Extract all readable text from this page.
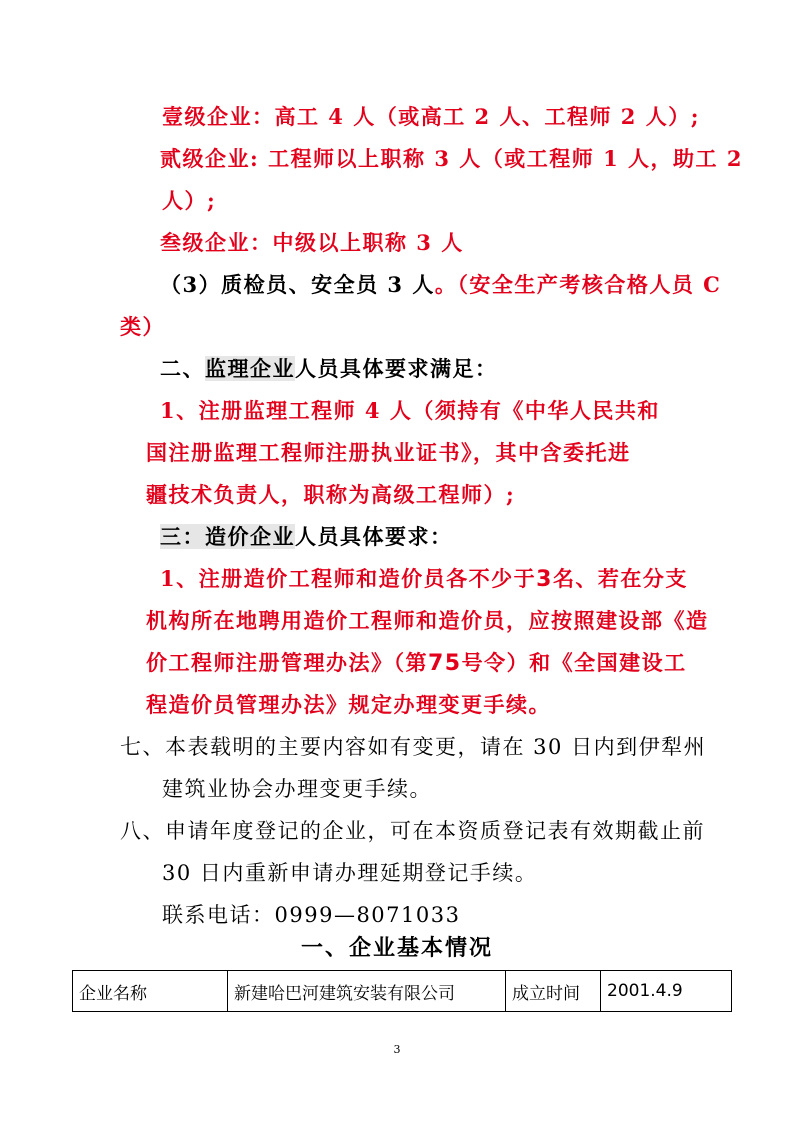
壹级企业：高工 4 人（或高工 2 人、工程师 2 人）;
贰级企业: 工程师以上职称 3 人（或工程师 1 人，助工 2
人）;
叁级企业：中级以上职称 3 人
（3）质检员、安全员 3 人。（安全生产考核合格人员 C
类）
二、监理企业人员具体要求满足：
1、注册监理工程师 4 人（须持有《中华人民共和
国注册监理工程师注册执业证书》，其中含委托进
疆技术负责人，职称为高级工程师）;
三：造价企业人员具体要求：
1、注册造价工程师和造价员各不少于3名、若在分支
机构所在地聘用造价工程师和造价员，应按照建设部《造
价工程师注册管理办法》（第75号令）和《全国建设工
程造价员管理办法》规定办理变更手续。
七、本表载明的主要内容如有变更，请在 30 日内到伊犁州
建筑业协会办理变更手续。
八、申请年度登记的企业，可在本资质登记表有效期截止前
30 日内重新申请办理延期登记手续。
联系电话：0999—8071033
一、企业基本情况
企业名称	新建哈巴河建筑安装有限公司	成立时间	2001.4.9
3
